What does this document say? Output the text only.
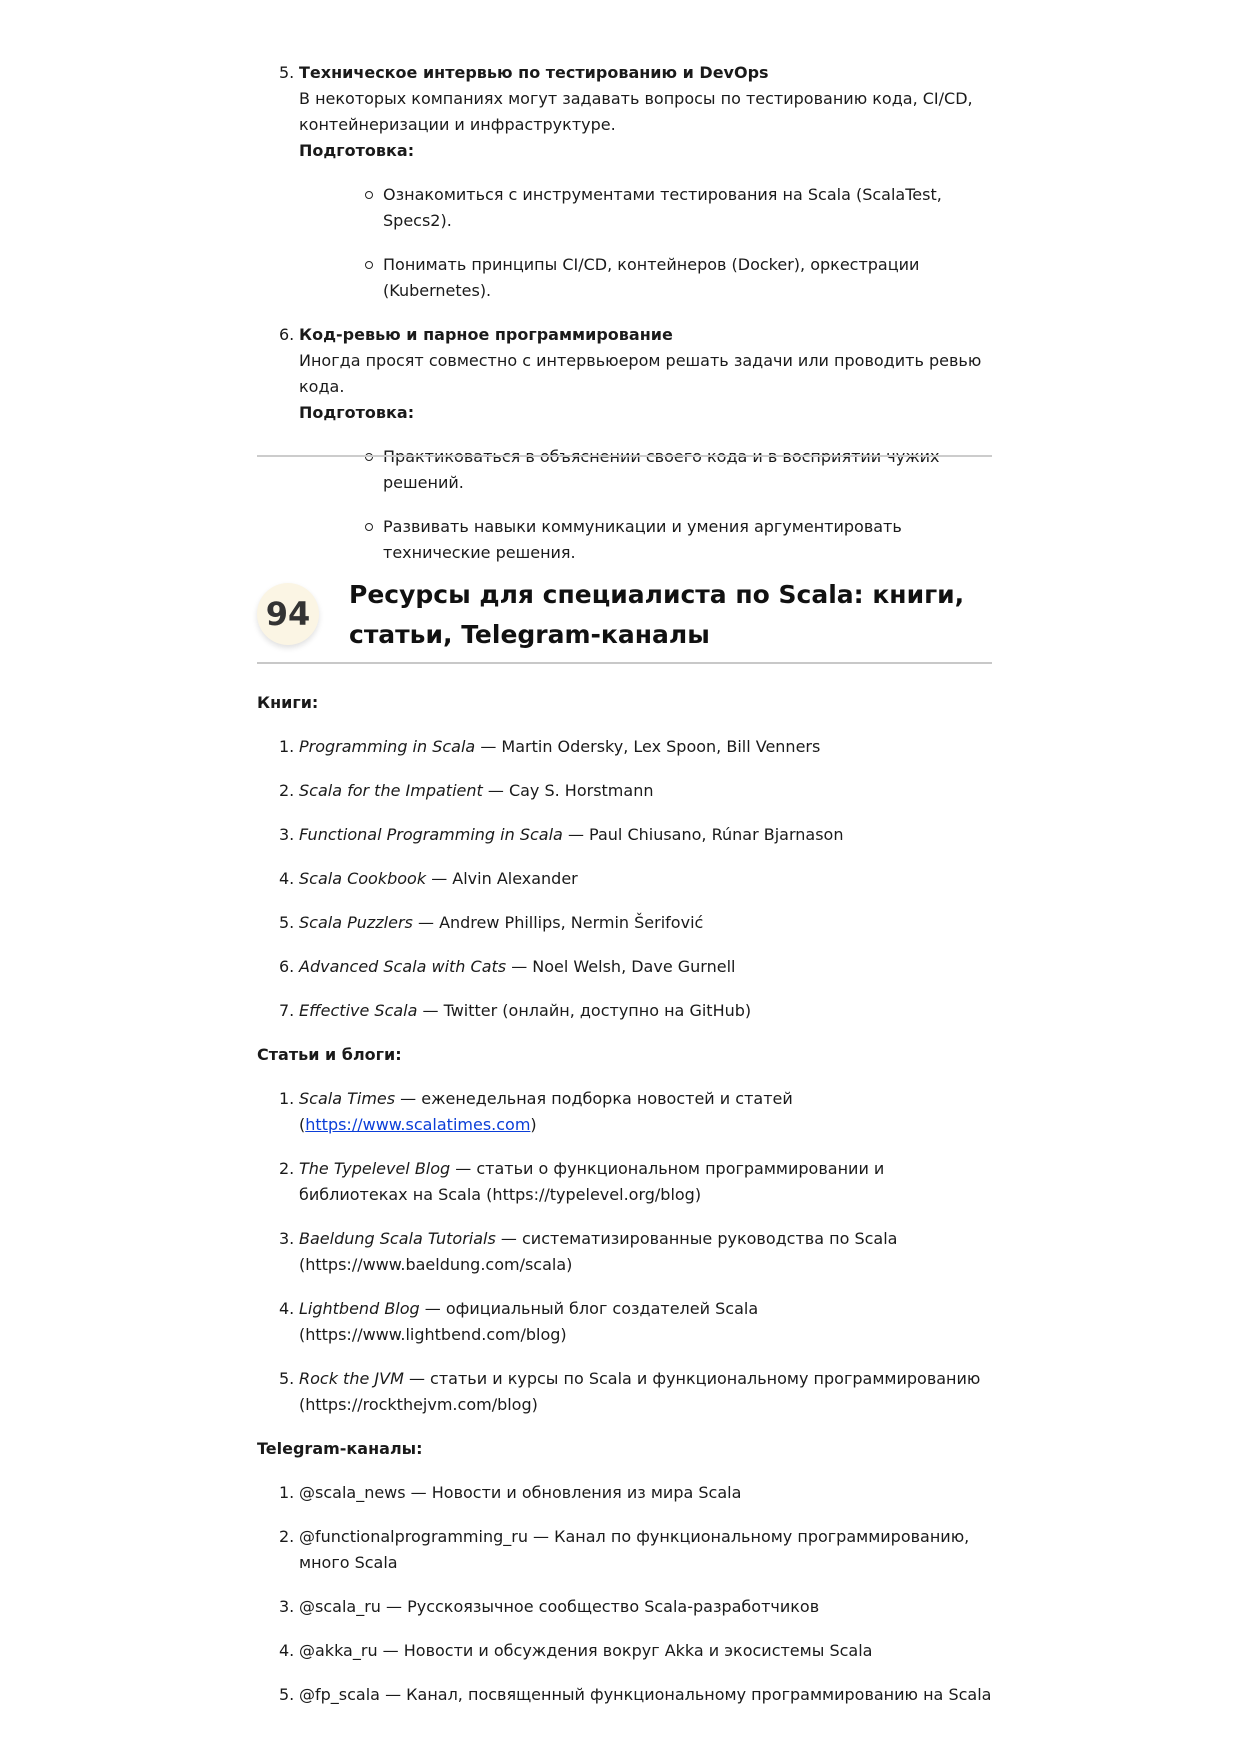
5. Техническое интервью по тестированию и DevOps
В некоторых компаниях могут задавать вопросы по тестированию кода, CI/CD, контейнеризации и инфраструктуре.
Подготовка:
Ознакомиться с инструментами тестирования на Scala (ScalaTest, Specs2).
Понимать принципы CI/CD, контейнеров (Docker), оркестрации (Kubernetes).
6. Код-ревью и парное программирование
Иногда просят совместно с интервьюером решать задачи или проводить ревью кода.
Подготовка:
Практиковаться в объяснении своего кода и в восприятии чужих решений.
Развивать навыки коммуникации и умения аргументировать технические решения.
94
Ресурсы для специалиста по Scala: книги, статьи, Telegram-каналы
Книги:
1. Programming in Scala — Martin Odersky, Lex Spoon, Bill Venners
2. Scala for the Impatient — Cay S. Horstmann
3. Functional Programming in Scala — Paul Chiusano, Rúnar Bjarnason
4. Scala Cookbook — Alvin Alexander
5. Scala Puzzlers — Andrew Phillips, Nermin Šerifović
6. Advanced Scala with Cats — Noel Welsh, Dave Gurnell
7. Effective Scala — Twitter (онлайн, доступно на GitHub)
Статьи и блоги:
1. Scala Times — еженедельная подборка новостей и статей (https://www.scalatimes.com)
2. The Typelevel Blog — статьи о функциональном программировании и библиотеках на Scala (https://typelevel.org/blog)
3. Baeldung Scala Tutorials — систематизированные руководства по Scala (https://www.baeldung.com/scala)
4. Lightbend Blog — официальный блог создателей Scala (https://www.lightbend.com/blog)
5. Rock the JVM — статьи и курсы по Scala и функциональному программированию (https://rockthejvm.com/blog)
Telegram-каналы:
1. @scala_news — Новости и обновления из мира Scala
2. @functionalprogramming_ru — Канал по функциональному программированию, много Scala
3. @scala_ru — Русскоязычное сообщество Scala-разработчиков
4. @akka_ru — Новости и обсуждения вокруг Akka и экосистемы Scala
5. @fp_scala — Канал, посвященный функциональному программированию на Scala
